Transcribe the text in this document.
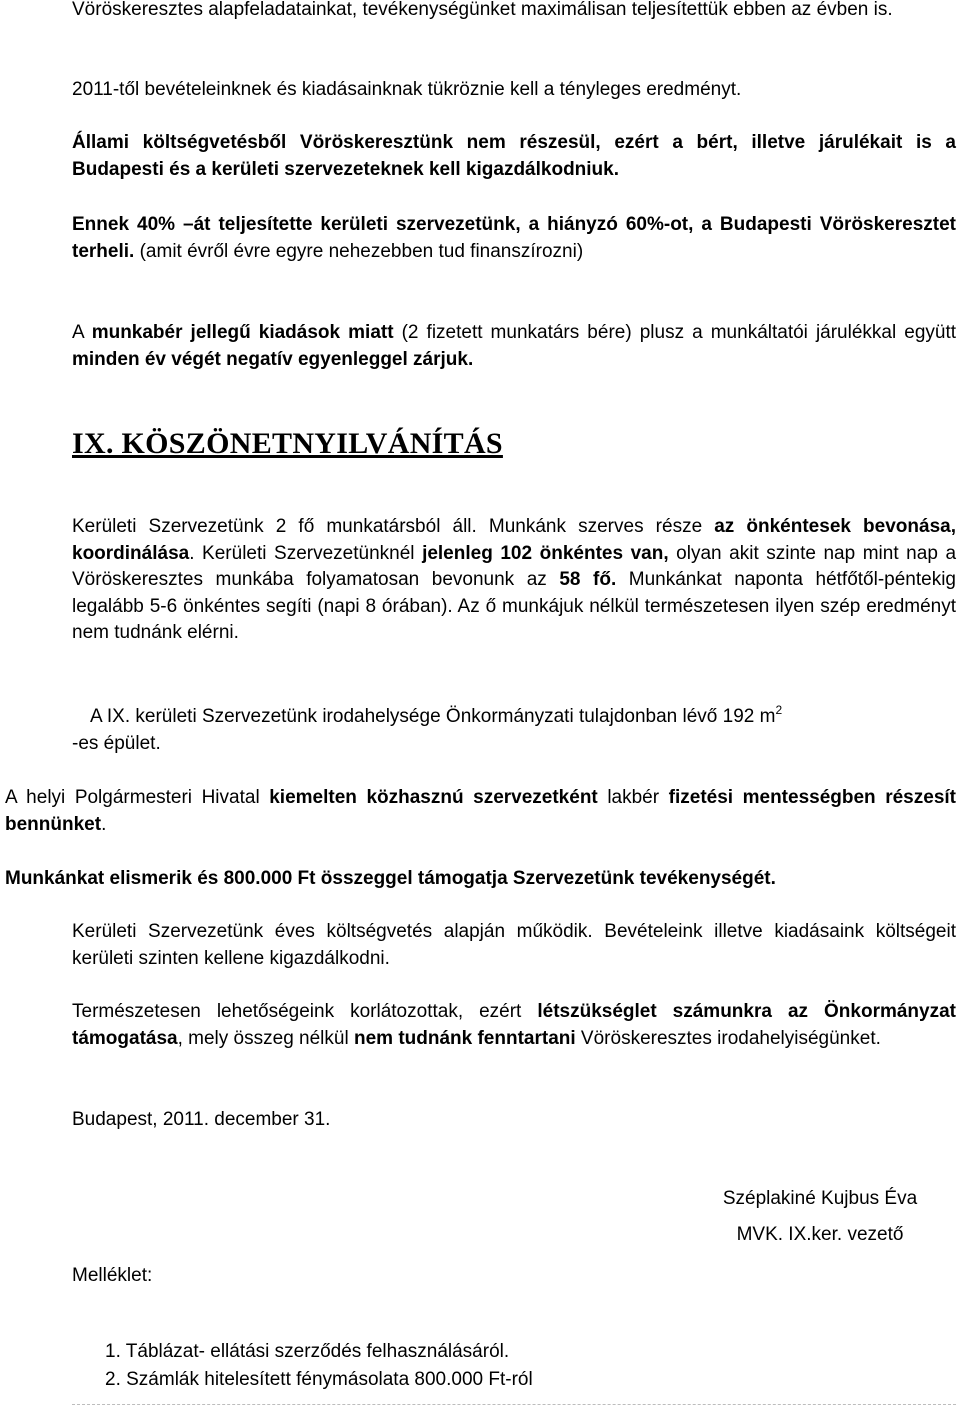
Vöröskeresztes alapfeladatainkat, tevékenységünket maximálisan teljesítettük ebben az évben is.

2011-től bevételeinknek és kiadásainknak tükröznie kell a tényleges eredményt.

Állami költségvetésből Vöröskeresztünk nem részesül, ezért a bért, illetve járulékait is a Budapesti és a kerületi szervezeteknek kell kigazdálkodniuk.

Ennek 40% –át teljesítette kerületi szervezetünk, a hiányzó 60%-ot, a Budapesti Vöröskeresztet terheli. (amit évről évre egyre nehezebben tud finanszírozni)

A munkabér jellegű kiadások miatt (2 fizetett munkatárs bére) plusz a munkáltatói járulékkal együtt minden év végét negatív egyenleggel zárjuk.

IX. KÖSZÖNETNYILVÁNÍTÁS

Kerületi Szervezetünk 2 fő munkatársból áll. Munkánk szerves része az önkéntesek bevonása, koordinálása. Kerületi Szervezetünknél jelenleg 102 önkéntes van, olyan akit szinte nap mint nap a Vöröskeresztes munkába folyamatosan bevonunk az 58 fő. Munkánkat naponta hétfőtől-péntekig legalább 5-6 önkéntes segíti (napi 8 órában). Az ő munkájuk nélkül természetesen ilyen szép eredményt nem tudnánk elérni.

A IX. kerületi Szervezetünk irodahelysége Önkormányzati tulajdonban lévő 192 $m^2$
-es épület.

A helyi Polgármesteri Hivatal kiemelten közhasznú szervezetként lakbér fizetési mentességben részesít bennünket.

Munkánkat elismerik és 800.000 Ft összeggel támogatja Szervezetünk tevékenységét.

Kerületi Szervezetünk éves költségvetés alapján működik. Bevételeink illetve kiadásaink költségeit kerületi szinten kellene kigazdálkodni.

Természetesen lehetőségeink korlátozottak, ezért létszükséglet számunkra az Önkormányzat támogatása, mely összeg nélkül nem tudnánk fenntartani Vöröskeresztes irodahelyiségünket.

Budapest, 2011. december 31.

Széplakiné Kujbus Éva
MVK. IX.ker. vezető

Melléklet:

1. Táblázat- ellátási szerződés felhasználásáról.
2. Számlák hitelesített fénymásolata 800.000 Ft-ról
